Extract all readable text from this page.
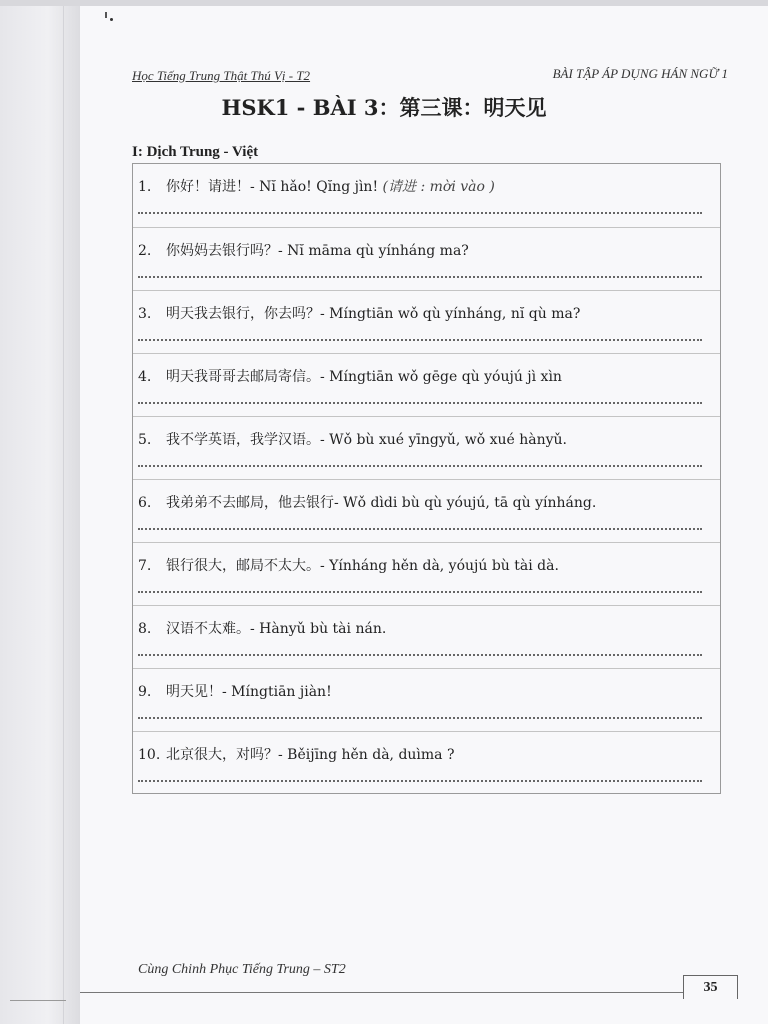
Học Tiếng Trung Thật Thú Vị - T2	BÀI TẬP ÁP DỤNG HÁN NGỮ 1
HSK1 - BÀI 3：第三课：明天见
I: Dịch Trung - Việt
1. 你好！请进！- Nĭ hǎo! Qĭng jìn! (请进 : mời vào )
2. 你妈妈去银行吗？- Nĭ māma qù yínháng ma?
3. 明天我去银行，你去吗？- Míngtiān wǒ qù yínháng, nĭ qù ma?
4. 明天我哥哥去邮局寄信。- Míngtiān wǒ gēge qù yóujú jì xìn
5. 我不学英语，我学汉语。- Wǒ bù xué yīngyǔ, wǒ xué hànyǔ.
6. 我弟弟不去邮局，他去银行- Wǒ dìdi bù qù yóujú, tā qù yínháng.
7. 银行很大，邮局不太大。- Yínháng hěn dà, yóujú bù tài dà.
8. 汉语不太难。- Hànyǔ bù tài nán.
9. 明天见！- Míngtiān jiàn!
10. 北京很大，对吗？- Běijīng hěn dà, duìma ?
Cùng Chinh Phục Tiếng Trung – ST2
35
